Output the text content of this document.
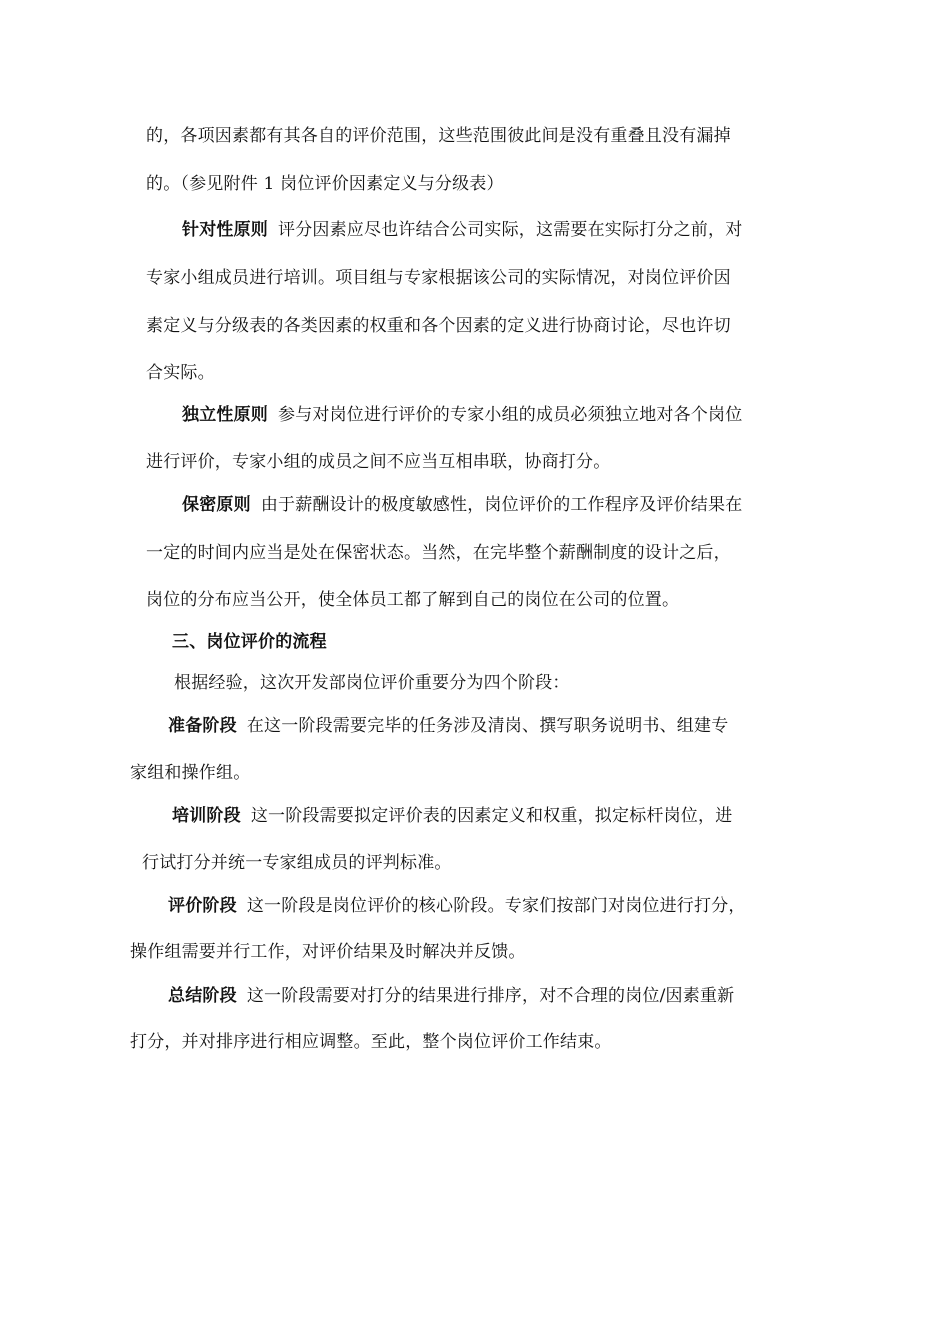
的，各项因素都有其各自的评价范围，这些范围彼此间是没有重叠且没有漏掉
的。（参见附件 1 岗位评价因素定义与分级表）
针对性原则 评分因素应尽也许结合公司实际，这需要在实际打分之前，对
专家小组成员进行培训。项目组与专家根据该公司的实际情况，对岗位评价因
素定义与分级表的各类因素的权重和各个因素的定义进行协商讨论，尽也许切
合实际。
独立性原则 参与对岗位进行评价的专家小组的成员必须独立地对各个岗位
进行评价，专家小组的成员之间不应当互相串联，协商打分。
保密原则 由于薪酬设计的极度敏感性，岗位评价的工作程序及评价结果在
一定的时间内应当是处在保密状态。当然，在完毕整个薪酬制度的设计之后，
岗位的分布应当公开，使全体员工都了解到自己的岗位在公司的位置。
三、岗位评价的流程
根据经验，这次开发部岗位评价重要分为四个阶段：
准备阶段 在这一阶段需要完毕的任务涉及清岗、撰写职务说明书、组建专
家组和操作组。
培训阶段 这一阶段需要拟定评价表的因素定义和权重，拟定标杆岗位，进
行试打分并统一专家组成员的评判标准。
评价阶段 这一阶段是岗位评价的核心阶段。专家们按部门对岗位进行打分，
操作组需要并行工作，对评价结果及时解决并反馈。
总结阶段 这一阶段需要对打分的结果进行排序，对不合理的岗位/因素重新
打分，并对排序进行相应调整。至此，整个岗位评价工作结束。
